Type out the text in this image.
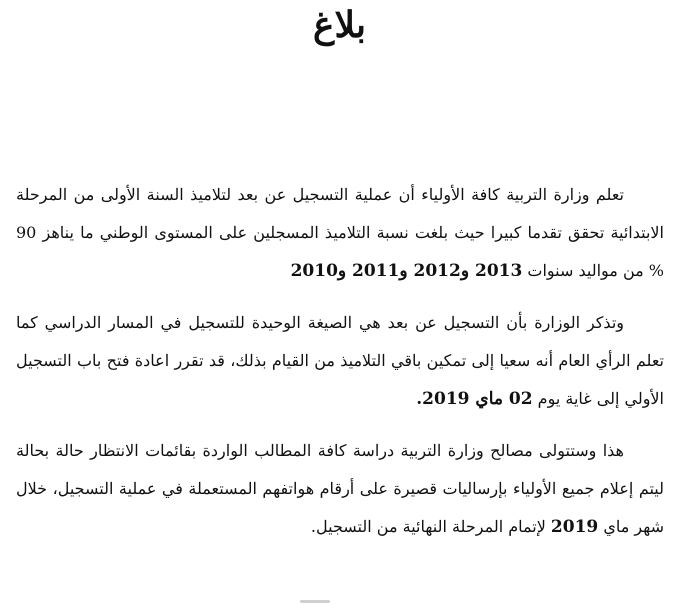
بلاغ

تعلم وزارة التربية كافة الأولياء أن عملية التسجيل عن بعد لتلاميذ السنة الأولى من المرحلة الابتدائية تحقق تقدما كبيرا حيث بلغت نسبة التلاميذ المسجلين على المستوى الوطني ما يناهز 90 % من مواليد سنوات 2013 و2012 و2011 و2010

وتذكر الوزارة بأن التسجيل عن بعد هي الصيغة الوحيدة للتسجيل في المسار الدراسي كما تعلم الرأي العام أنه سعيا إلى تمكين باقي التلاميذ من القيام بذلك، قد تقرر اعادة فتح باب التسجيل الأولي إلى غاية يوم 02 ماي 2019.

هذا وستتولى مصالح وزارة التربية دراسة كافة المطالب الواردة بقائمات الانتظار حالة بحالة ليتم إعلام جميع الأولياء بإرساليات قصيرة على أرقام هواتفهم المستعملة في عملية التسجيل، خلال شهر ماي 2019 لإتمام المرحلة النهائية من التسجيل.
